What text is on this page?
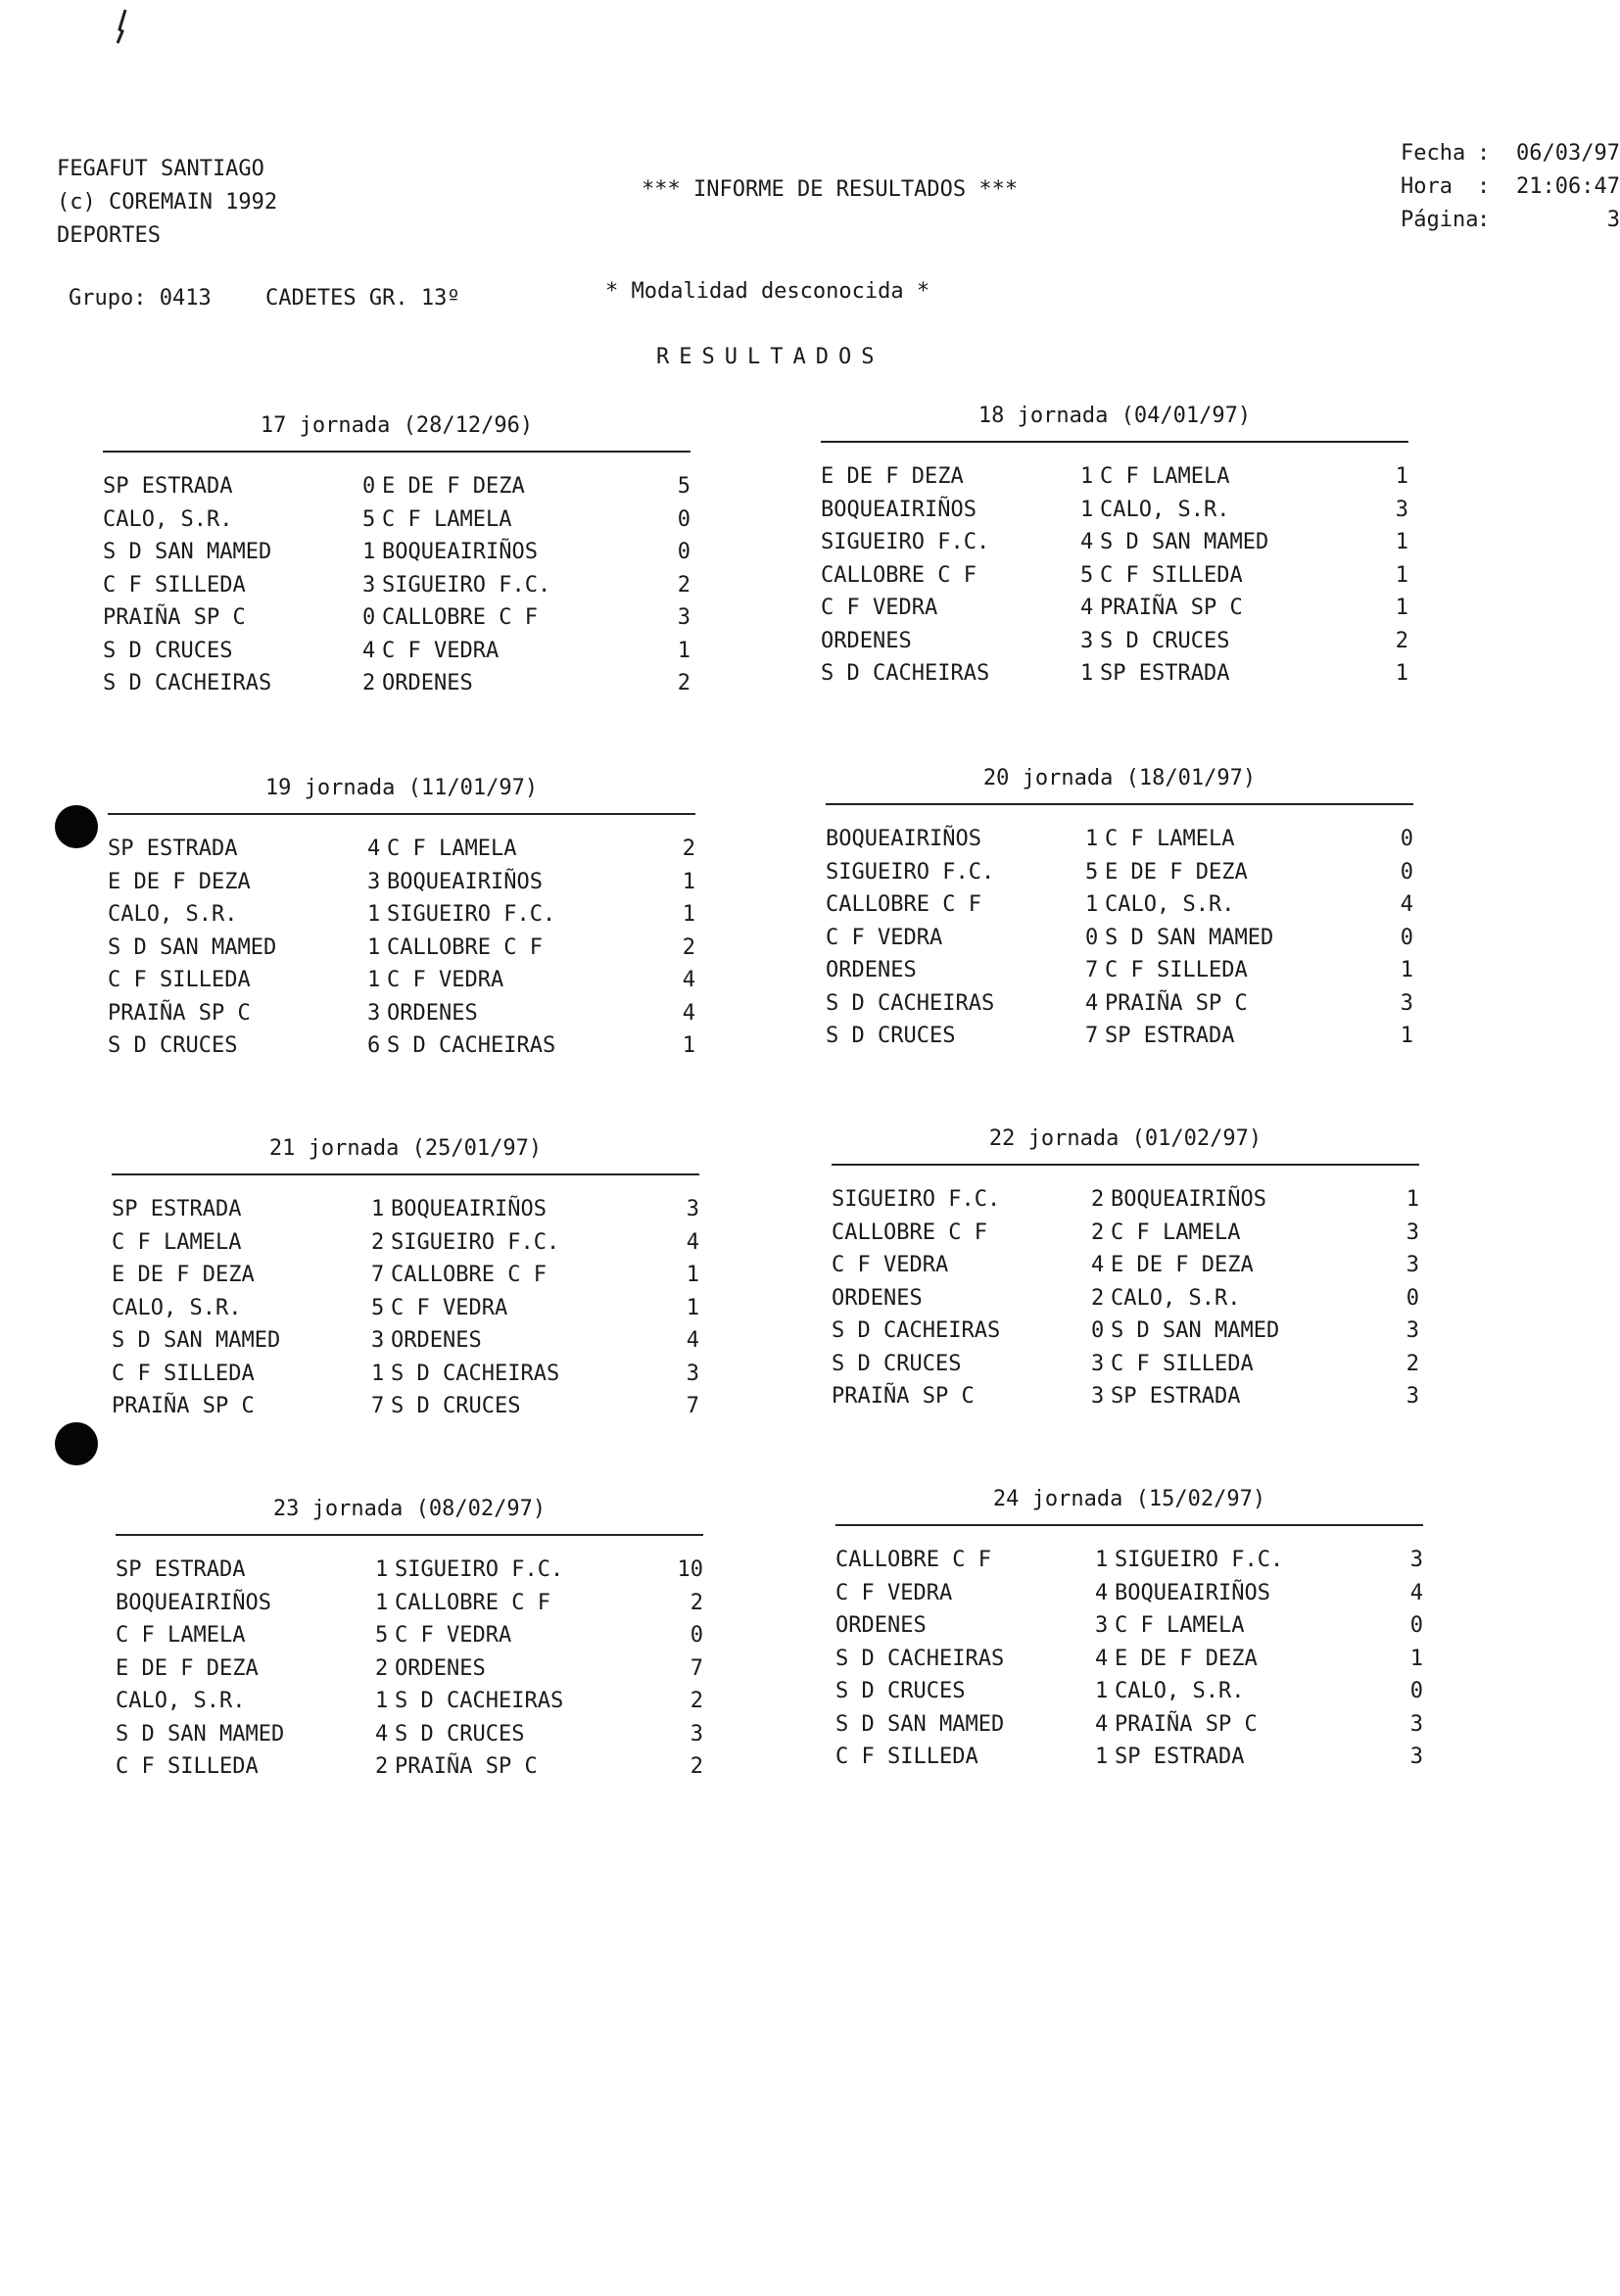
FEGAFUT SANTIAGO
(c) COREMAIN 1992
DEPORTES
*** INFORME DE RESULTADOS ***
Fecha :	06/03/97
Hora	:	21:06:47
Página
:	3
Grupo: 0413	CADETES GR. 13º	* Modalidad desconocida *
RESULTADOS
17 jornada (28/12/96)
SP ESTRADA	0 E DE F DEZA	5
CALO, S.R.	5 C F LAMELA	0
S D SAN MAMED	1 BOQUEAIRIÑOS	0
C F SILLEDA	3 SIGUEIRO F.C.	2
PRAIÑA SP C	0 CALLOBRE C F	3
S D CRUCES	4 C F VEDRA	1
S D CACHEIRAS	2 ORDENES	2
18 jornada (04/01/97)
E DE F DEZA	1 C F LAMELA	1
BOQUEAIRIÑOS	1 CALO, S.R.	3
SIGUEIRO F.C.	4 S D SAN MAMED	1
CALLOBRE C F	5 C F SILLEDA	1
C F VEDRA	4 PRAIÑA SP C	1
ORDENES	3 S D CRUCES	2
S D CACHEIRAS	1 SP ESTRADA	1
19 jornada (11/01/97)
SP ESTRADA	4 C F LAMELA	2
E DE F DEZA	3 BOQUEAIRIÑOS	1
CALO, S.R.	1 SIGUEIRO F.C.	1
S D SAN MAMED	1 CALLOBRE C F	2
C F SILLEDA	1 C F VEDRA	4
PRAIÑA SP C	3 ORDENES	4
S D CRUCES	6 S D CACHEIRAS	1
20 jornada (18/01/97)
BOQUEAIRIÑOS	1 C F LAMELA	0
SIGUEIRO F.C.	5 E DE F DEZA	0
CALLOBRE C F	1 CALO, S.R.	4
C F VEDRA	0 S D SAN MAMED	0
ORDENES	7 C F SILLEDA	1
S D CACHEIRAS	4 PRAIÑA SP C	3
S D CRUCES	7 SP ESTRADA	1
21 jornada (25/01/97)
SP ESTRADA	1 BOQUEAIRIÑOS	3
C F LAMELA	2 SIGUEIRO F.C.	4
E DE F DEZA	7 CALLOBRE C F	1
CALO, S.R.	5 C F VEDRA	1
S D SAN MAMED	3 ORDENES	4
C F SILLEDA	1 S D CACHEIRAS	3
PRAIÑA SP C	7 S D CRUCES	7
22 jornada (01/02/97)
SIGUEIRO F.C.	2 BOQUEAIRIÑOS	1
CALLOBRE C F	2 C F LAMELA	3
C F VEDRA	4 E DE F DEZA	3
ORDENES	2 CALO, S.R.	0
S D CACHEIRAS	0 S D SAN MAMED	3
S D CRUCES	3 C F SILLEDA	2
PRAIÑA SP C	3 SP ESTRADA	3
23 jornada (08/02/97)
SP ESTRADA	1 SIGUEIRO F.C.	10
BOQUEAIRIÑOS	1 CALLOBRE C F	2
C F LAMELA	5 C F VEDRA	0
E DE F DEZA	2 ORDENES	7
CALO, S.R.	1 S D CACHEIRAS	2
S D SAN MAMED	4 S D CRUCES	3
C F SILLEDA	2 PRAIÑA SP C	2
24 jornada (15/02/97)
CALLOBRE C F	1 SIGUEIRO F.C.	3
C F VEDRA	4 BOQUEAIRIÑOS	4
ORDENES	3 C F LAMELA	0
S D CACHEIRAS	4 E DE F DEZA	1
S D CRUCES	1 CALO, S.R.	0
S D SAN MAMED	4 PRAIÑA SP C	3
C F SILLEDA	1 SP ESTRADA	3
